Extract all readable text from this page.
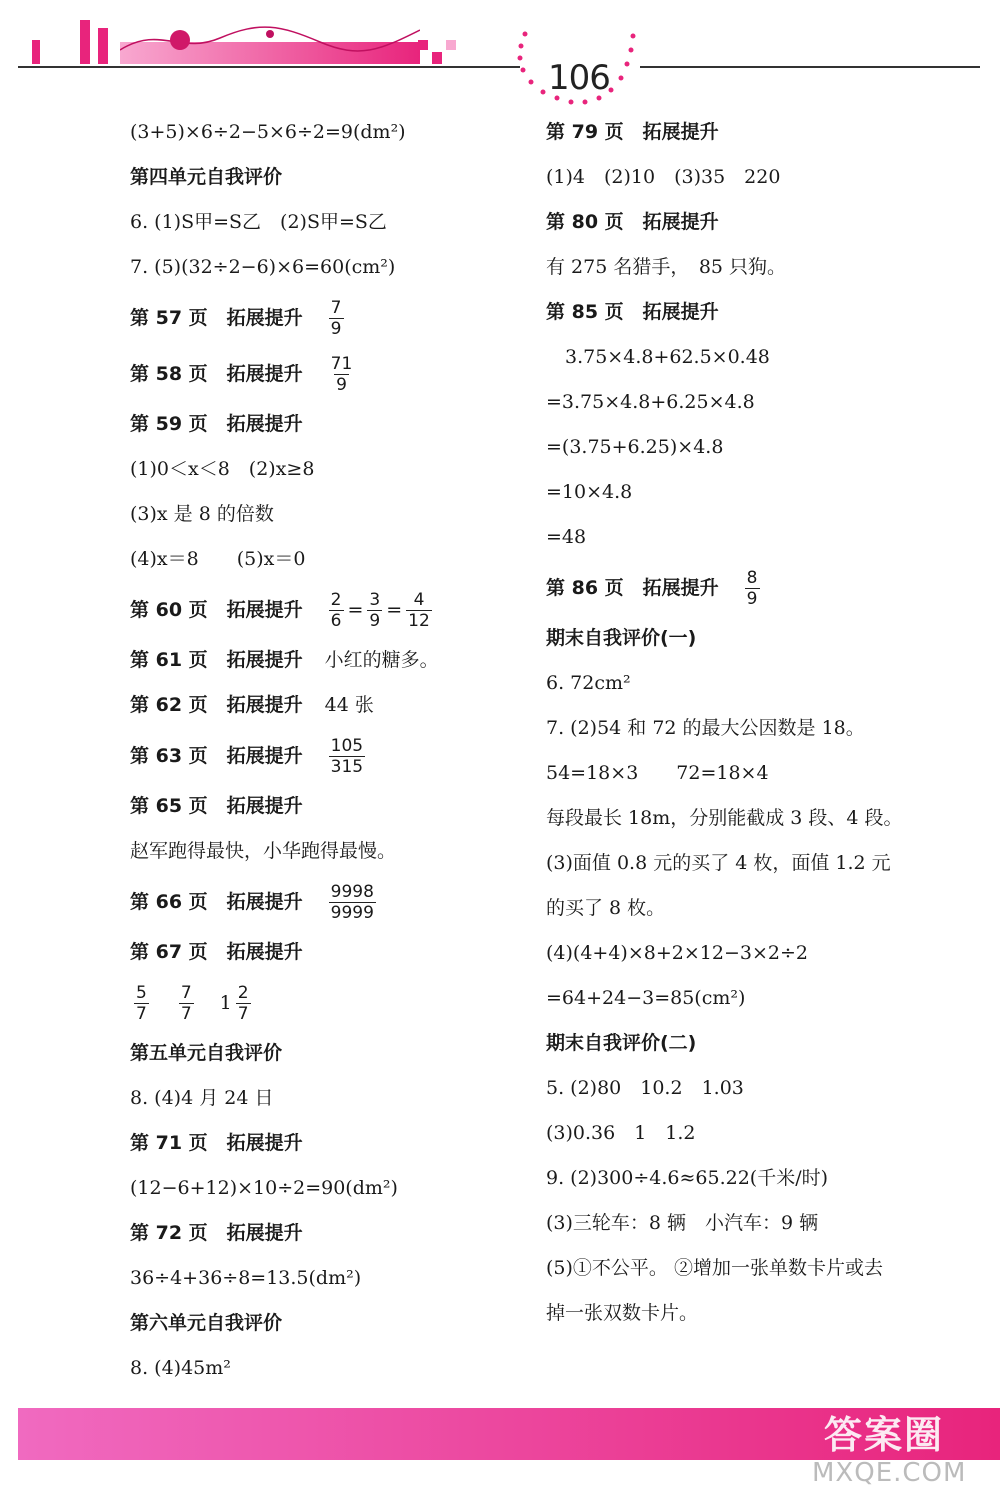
106
(3+5)×6÷2−5×6÷2=9(dm²)
第四单元自我评价
6. (1)S甲=S乙　(2)S甲=S乙
7. (5)(32÷2−6)×6=60(cm²)
第 57 页　拓展提升 $\frac{7}{9}$
第 58 页　拓展提升 $\frac{71}{9}$
第 59 页　拓展提升
(1)0＜x＜8　(2)x≥8
(3)x 是 8 的倍数
(4)x＝8　　(5)x＝0
第 60 页　拓展提升 $\frac{2}{6} = \frac{3}{9} = \frac{4}{12}$
第 61 页　拓展提升 小红的糖多。
第 62 页　拓展提升 44 张
第 63 页　拓展提升 $\frac{105}{315}$
第 65 页　拓展提升
赵军跑得最快，小华跑得最慢。
第 66 页　拓展提升 $\frac{9998}{9999}$
第 67 页　拓展提升
$\frac{5}{7} \frac{7}{7} 1 \frac{2}{7}$
第五单元自我评价
8. (4)4 月 24 日
第 71 页　拓展提升
(12−6+12)×10÷2=90(dm²)
第 72 页　拓展提升
36÷4+36÷8=13.5(dm²)
第六单元自我评价
8. (4)45m²
第 79 页　拓展提升
(1)4　(2)10　(3)35　220
第 80 页　拓展提升
有 275 名猎手，　85 只狗。
第 85 页　拓展提升
　3.75×4.8+62.5×0.48
=3.75×4.8+6.25×4.8
=(3.75+6.25)×4.8
=10×4.8
=48
第 86 页　拓展提升 $\frac{8}{9}$
期末自我评价(一)
6. 72cm²
7. (2)54 和 72 的最大公因数是 18。
54=18×3　　72=18×4
每段最长 18m，分别能截成 3 段、4 段。
(3)面值 0.8 元的买了 4 枚，面值 1.2 元
的买了 8 枚。
(4)(4+4)×8+2×12−3×2÷2
=64+24−3=85(cm²)
期末自我评价(二)
5. (2)80　10.2　1.03
(3)0.36　1　1.2
9. (2)300÷4.6≈65.22(千米/时)
(3)三轮车：8 辆　小汽车：9 辆
(5)①不公平。 ②增加一张单数卡片或去
掉一张双数卡片。
答案圈
MXQE.COM
